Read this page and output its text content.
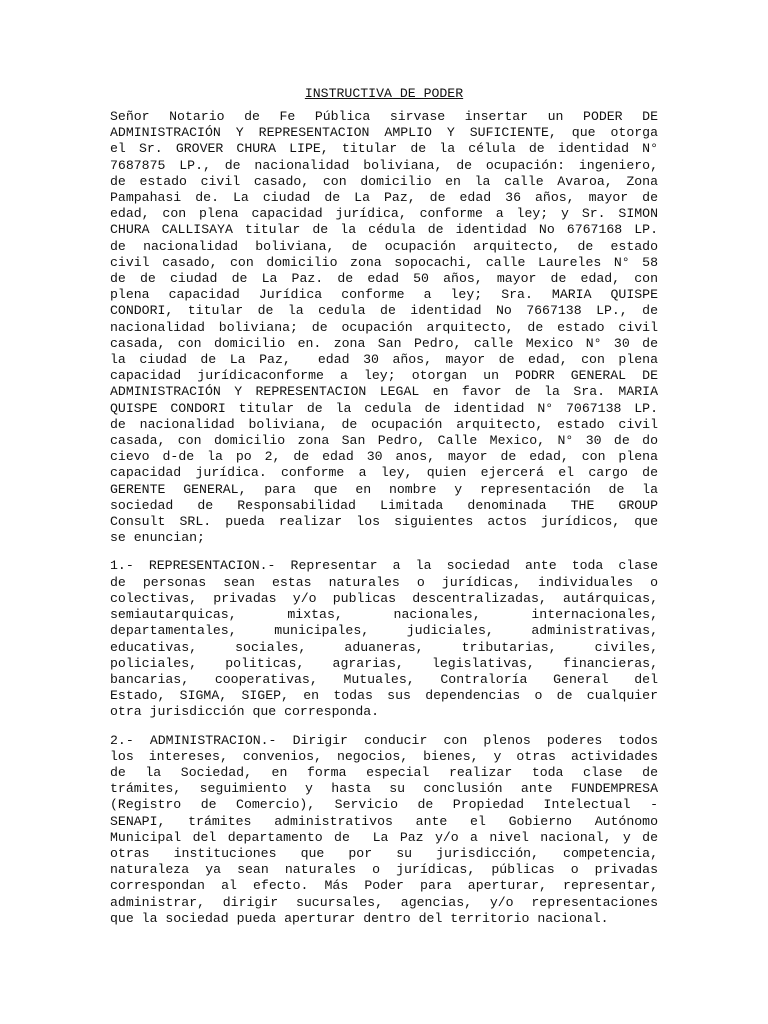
INSTRUCTIVA DE PODER
Señor Notario de Fe Pública sirvase insertar un PODER DE
ADMINISTRACIÓN Y REPRESENTACION AMPLIO Y SUFICIENTE, que otorga
el Sr. GROVER CHURA LIPE, titular de la célula de identidad N°
7687875 LP., de nacionalidad boliviana, de ocupación: ingeniero,
de estado civil casado, con domicilio en la calle Avaroa, Zona
Pampahasi de. La ciudad de La Paz, de edad 36 años, mayor de
edad, con plena capacidad jurídica, conforme a ley; y Sr. SIMON
CHURA CALLISAYA titular de la cédula de identidad No 6767168 LP.
de nacionalidad boliviana, de ocupación arquitecto, de estado
civil casado, con domicilio zona sopocachi, calle Laureles N° 58
de de ciudad de La Paz. de edad 50 años, mayor de edad, con
plena capacidad Jurídica conforme a ley; Sra. MARIA QUISPE
CONDORI, titular de la cedula de identidad No 7667138 LP., de
nacionalidad boliviana; de ocupación arquitecto, de estado civil
casada, con domicilio en. zona San Pedro, calle Mexico N° 30 de
la ciudad de La Paz,  edad 30 años, mayor de edad, con plena
capacidad jurídicaconforme a ley; otorgan un PODRR GENERAL DE
ADMINISTRACIÓN Y REPRESENTACION LEGAL en favor de la Sra. MARIA
QUISPE CONDORI titular de la cedula de identidad N° 7067138 LP.
de nacionalidad boliviana, de ocupación arquitecto, estado civil
casada, con domicilio zona San Pedro, Calle Mexico, N° 30 de do
cievo d-de la po 2, de edad 30 anos, mayor de edad, con plena
capacidad jurídica. conforme a ley, quien ejercerá el cargo de
GERENTE GENERAL, para que en nombre y representación de la
sociedad de Responsabilidad Limitada denominada THE GROUP
Consult SRL. pueda realizar los siguientes actos jurídicos, que
se enuncian;
1.- REPRESENTACION.- Representar a la sociedad ante toda clase
de personas sean estas naturales o jurídicas, individuales o
colectivas, privadas y/o publicas descentralizadas, autárquicas,
semiautarquicas, mixtas, nacionales, internacionales,
departamentales, municipales, judiciales, administrativas,
educativas, sociales, aduaneras, tributarias, civiles,
policiales, politicas, agrarias, legislativas, financieras,
bancarias, cooperativas, Mutuales, Contraloría General del
Estado, SIGMA, SIGEP, en todas sus dependencias o de cualquier
otra jurisdicción que corresponda.
2.- ADMINISTRACION.- Dirigir conducir con plenos poderes todos
los intereses, convenios, negocios, bienes, y otras actividades
de la Sociedad, en forma especial realizar toda clase de
trámites, seguimiento y hasta su conclusión ante FUNDEMPRESA
(Registro de Comercio), Servicio de Propiedad Intelectual -
SENAPI, trámites administrativos ante el Gobierno Autónomo
Municipal del departamento de  La Paz y/o a nivel nacional, y de
otras instituciones que por su jurisdicción, competencia,
naturaleza ya sean naturales o jurídicas, públicas o privadas
correspondan al efecto. Más Poder para aperturar, representar,
administrar, dirigir sucursales, agencias, y/o representaciones
que la sociedad pueda aperturar dentro del territorio nacional.
